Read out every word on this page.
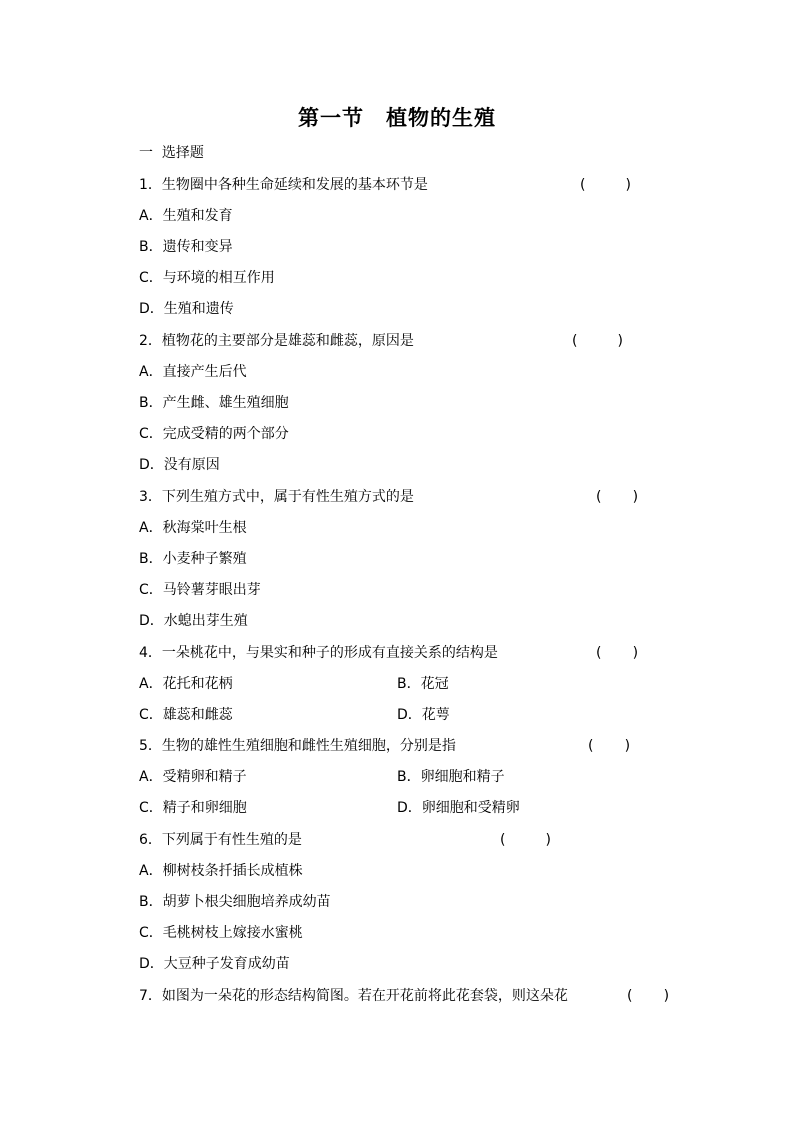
第一节　植物的生殖
一  选择题
1．生物圈中各种生命延续和发展的基本环节是	(         )
A．生殖和发育
B．遗传和变异
C．与环境的相互作用
D．生殖和遗传
2．植物花的主要部分是雄蕊和雌蕊，原因是	(         )
A．直接产生后代
B．产生雌、雄生殖细胞
C．完成受精的两个部分
D．没有原因
3．下列生殖方式中，属于有性生殖方式的是	(       )
A．秋海棠叶生根
B．小麦种子繁殖
C．马铃薯芽眼出芽
D．水螅出芽生殖
4．一朵桃花中，与果实和种子的形成有直接关系的结构是	(       )
A．花托和花柄	B．花冠
C．雄蕊和雌蕊	D．花萼
5．生物的雄性生殖细胞和雌性生殖细胞，分别是指	(       )
A．受精卵和精子	B．卵细胞和精子
C．精子和卵细胞	D．卵细胞和受精卵
6．下列属于有性生殖的是	(         )
A．柳树枝条扦插长成植株
B．胡萝卜根尖细胞培养成幼苗
C．毛桃树枝上嫁接水蜜桃
D．大豆种子发育成幼苗
7．如图为一朵花的形态结构简图。若在开花前将此花套袋，则这朵花	(       )
